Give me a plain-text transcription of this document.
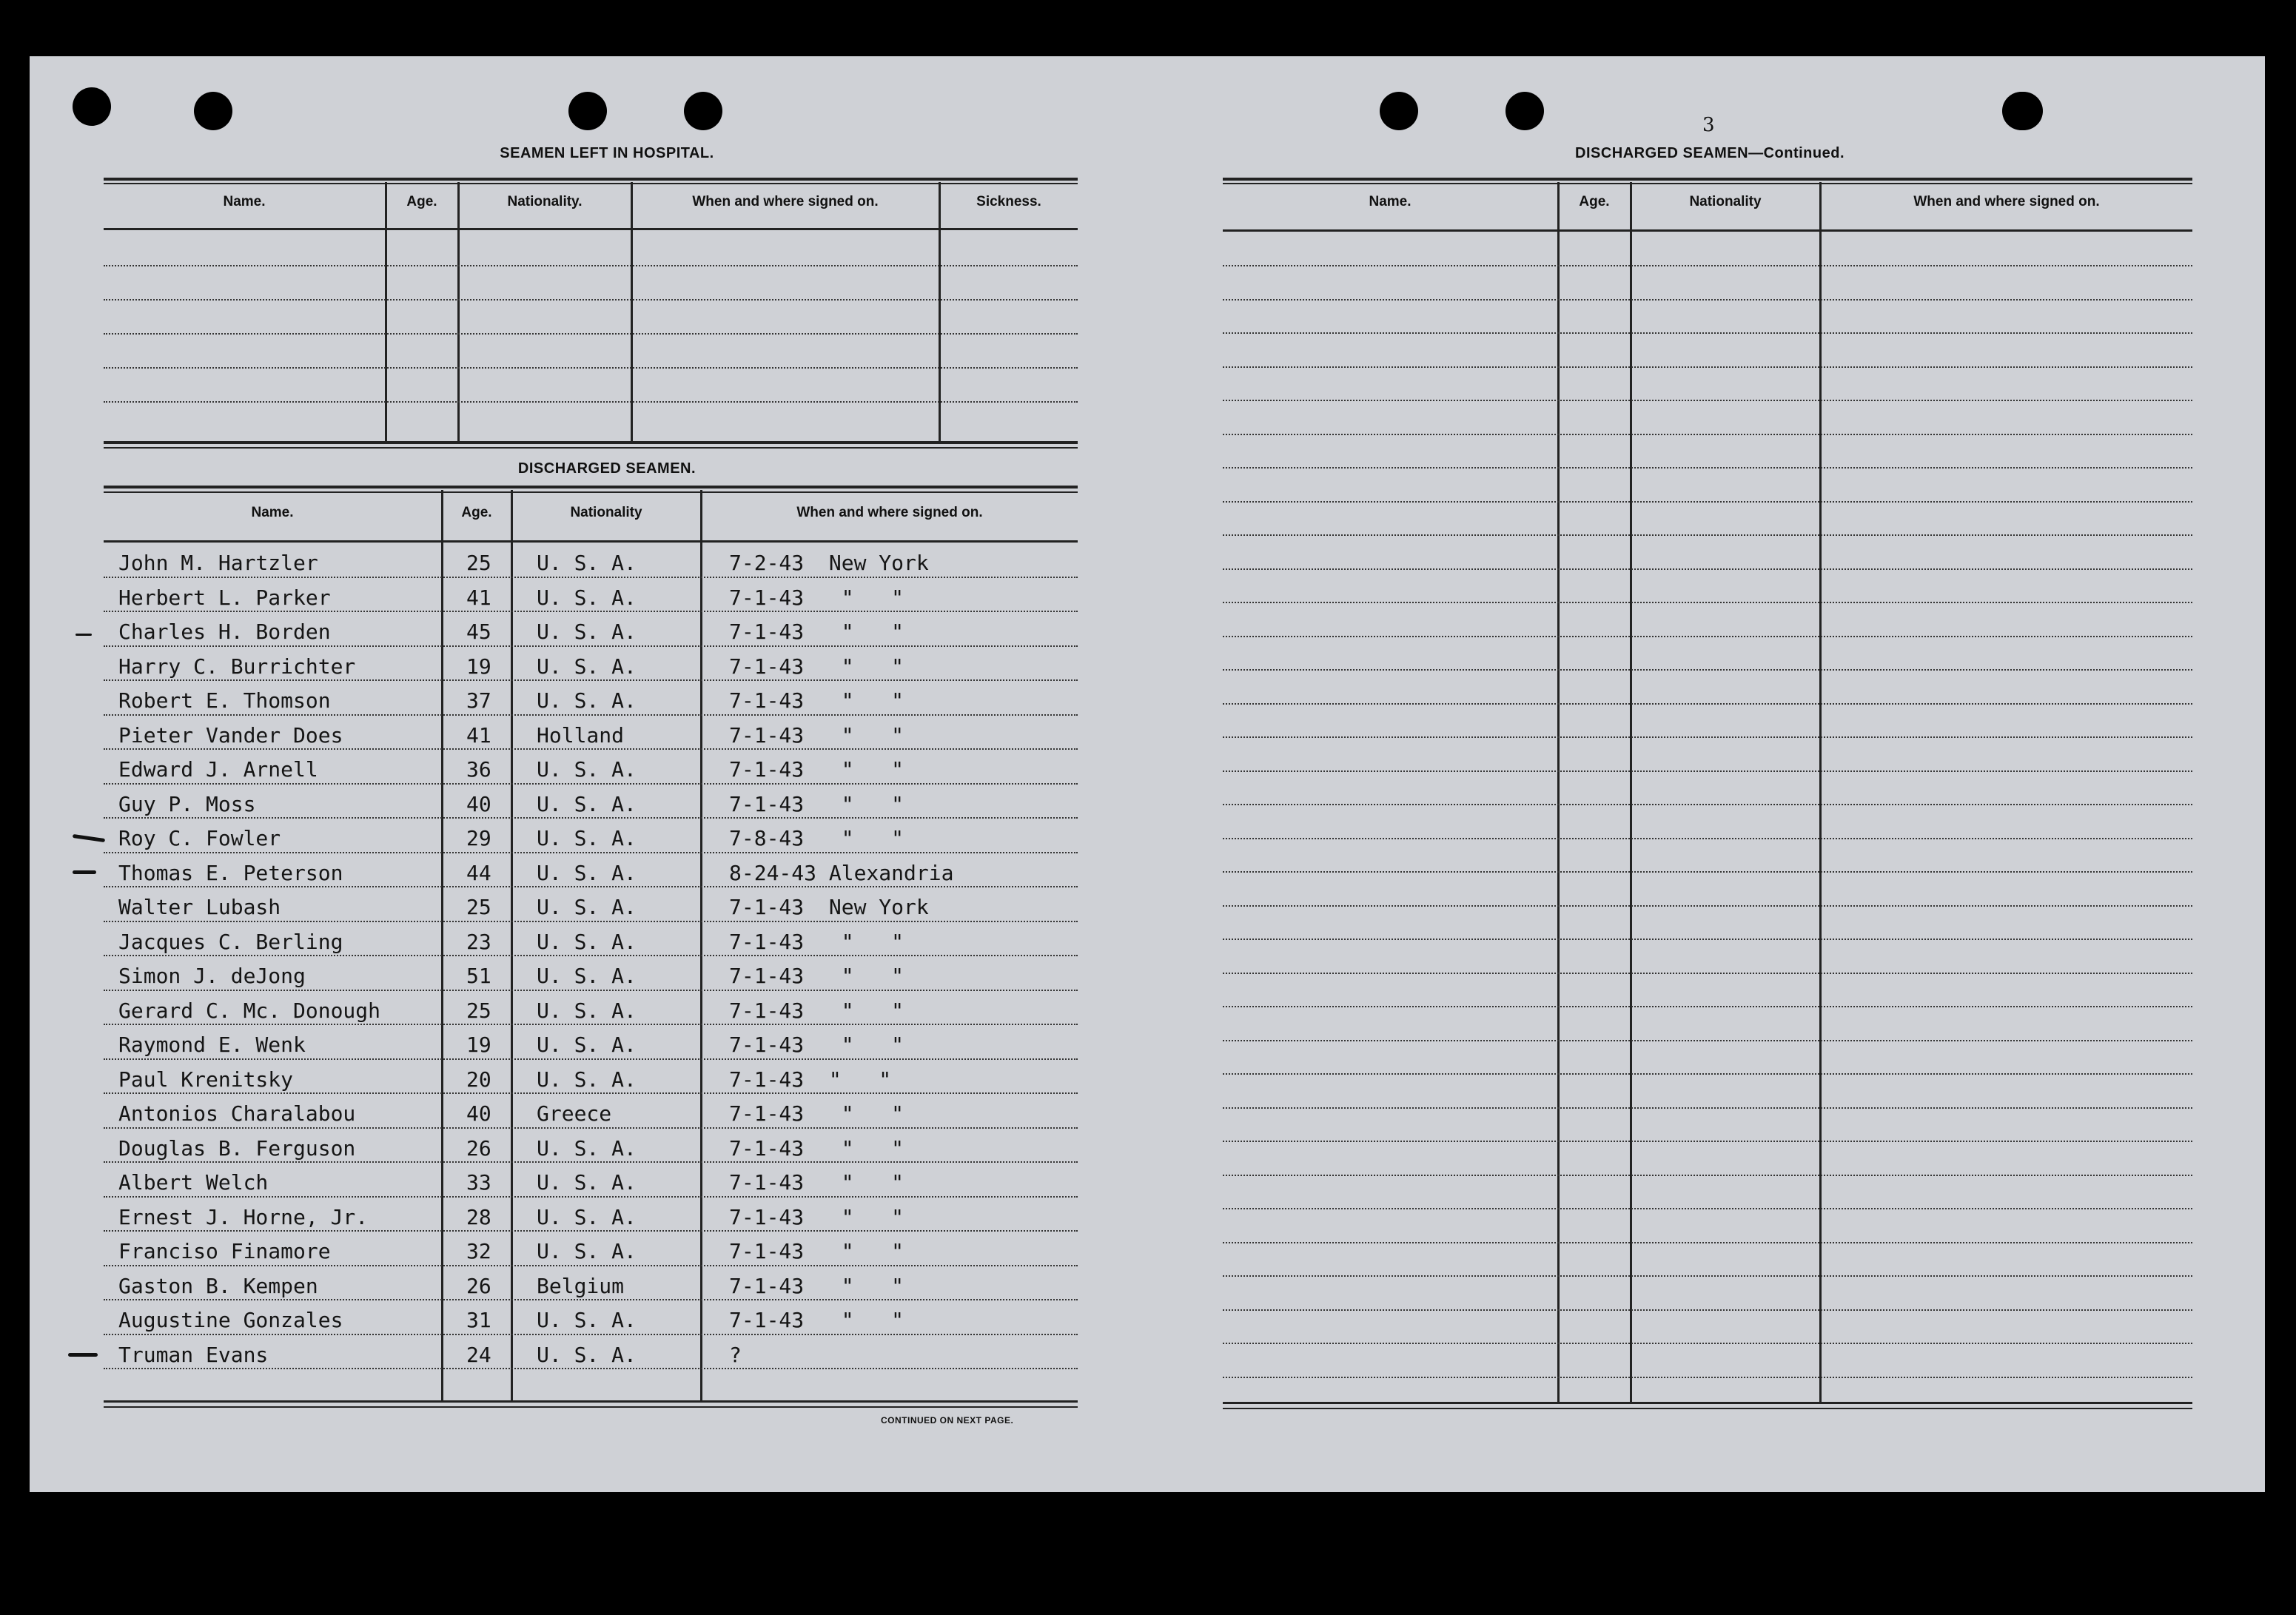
3
SEAMEN LEFT IN HOSPITAL.
Name.	Age.	Nationality.	When and where signed on.	Sickness.
DISCHARGED SEAMEN.
Name.	Age.	Nationality	When and where signed on.
John M. Hartzler	25 U. S. A.	7-2-43  New York
Herbert L. Parker	41 U. S. A.	7-1-43   "   "
Charles H. Borden	45 U. S. A.	7-1-43   "   "
Harry C. Burrichter	19 U. S. A.	7-1-43   "   "
Robert E. Thomson	37 U. S. A.	7-1-43   "   "
Pieter Vander Does	41 Holland	7-1-43   "   "
Edward J. Arnell	36 U. S. A.	7-1-43   "   "
Guy P. Moss	40 U. S. A.	7-1-43   "   "
Roy C. Fowler	29 U. S. A.	7-8-43   "   "
Thomas E. Peterson	44 U. S. A.	8-24-43 Alexandria
Walter Lubash	25 U. S. A.	7-1-43  New York
Jacques C. Berling	23 U. S. A.	7-1-43   "   "
Simon J. deJong	51 U. S. A.	7-1-43   "   "
Gerard C. Mc. Donough	25 U. S. A.	7-1-43   "   "
Raymond E. Wenk	19 U. S. A.	7-1-43   "   "
Paul Krenitsky	20 U. S. A.	7-1-43  "   "
Antonios Charalabou	40 Greece	7-1-43   "   "
Douglas B. Ferguson	26 U. S. A.	7-1-43   "   "
Albert Welch	33 U. S. A.	7-1-43   "   "
Ernest J. Horne, Jr.	28 U. S. A.	7-1-43   "   "
Franciso Finamore	32 U. S. A.	7-1-43   "   "
Gaston B. Kempen	26 Belgium	7-1-43   "   "
Augustine Gonzales	31 U. S. A.	7-1-43   "   "
Truman Evans	24 U. S. A.	?
CONTINUED ON NEXT PAGE.
DISCHARGED SEAMEN—Continued.
Name.	Age.	Nationality	When and where signed on.
